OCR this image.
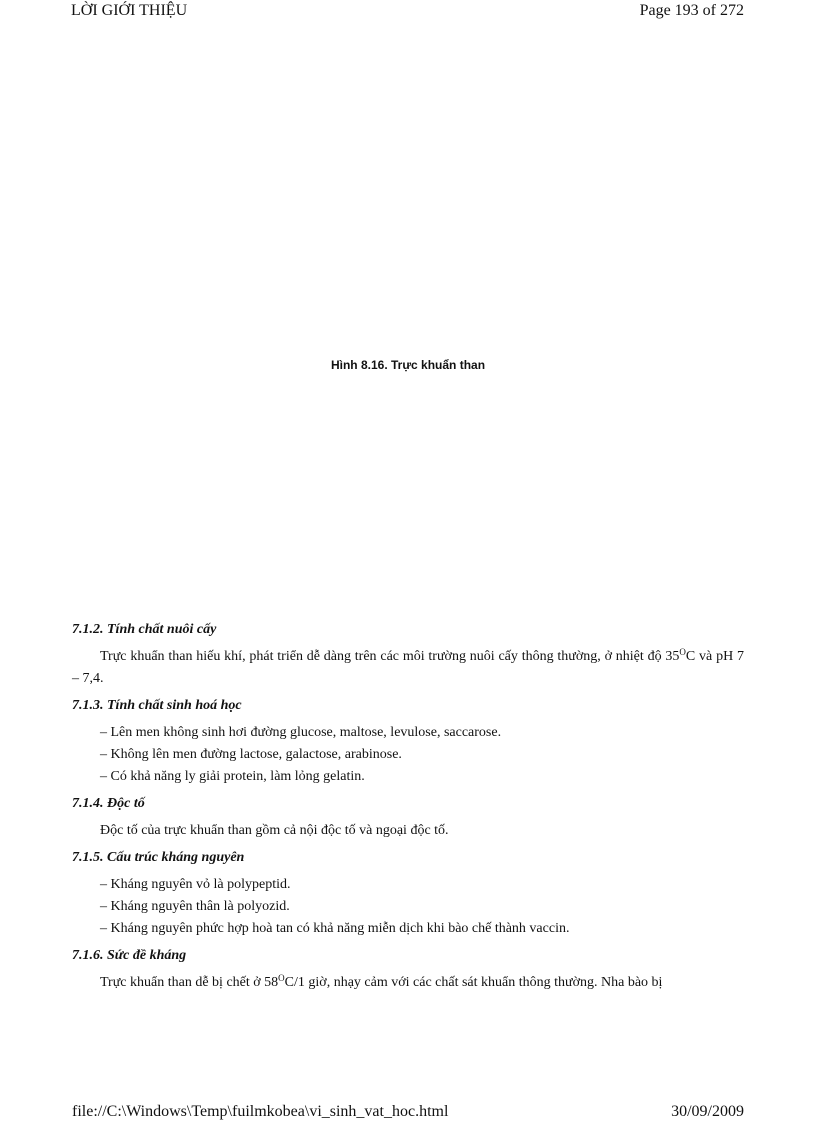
LỜI GIỚI THIỆU	Page 193 of 272
Hình 8.16. Trực khuẩn than

7.1.2. Tính chất nuôi cấy

Trực khuẩn than hiếu khí, phát triển dễ dàng trên các môi trường nuôi cấy thông thường, ở nhiệt độ $35^OC$ và pH 7 – 7,4.

7.1.3. Tính chất sinh hoá học

– Lên men không sinh hơi đường glucose, maltose, levulose, saccarose.
– Không lên men đường lactose, galactose, arabinose.
– Có khả năng ly giải protein, làm lỏng gelatin.

7.1.4. Độc tố

Độc tố của trực khuẩn than gồm cả nội độc tố và ngoại độc tố.

7.1.5. Cấu trúc kháng nguyên

– Kháng nguyên vỏ là polypeptid.
– Kháng nguyên thân là polyozid.
– Kháng nguyên phức hợp hoà tan có khả năng miễn dịch khi bào chế thành vaccin.

7.1.6. Sức đề kháng

Trực khuẩn than dễ bị chết ở $58^OC/1$ giờ, nhạy cảm với các chất sát khuẩn thông thường. Nha bào bị

file://C:\Windows\Temp\fuilmkobea\vi_sinh_vat_hoc.html	30/09/2009
